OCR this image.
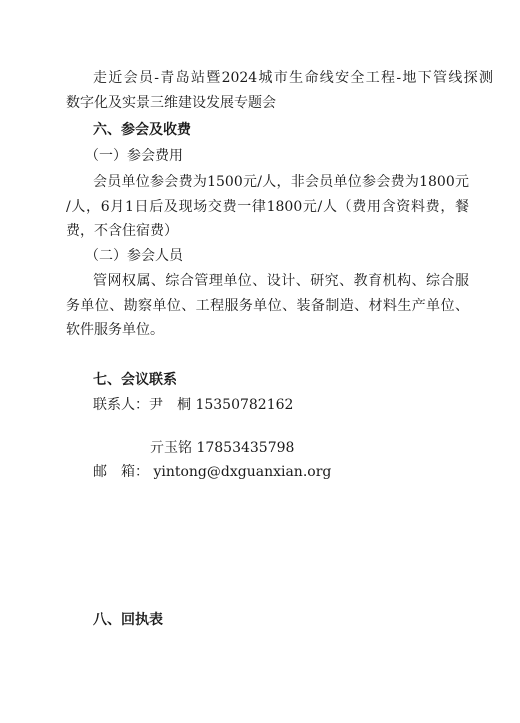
走近会员-青岛站暨2024城市生命线安全工程-地下管线探测
数字化及实景三维建设发展专题会
六、参会及收费
（一）参会费用
会员单位参会费为1500元/人，非会员单位参会费为1800元
/人，6月1日后及现场交费一律1800元/人（费用含资料费，餐
费，不含住宿费）
（二）参会人员
管网权属、综合管理单位、设计、研究、教育机构、综合服
务单位、勘察单位、工程服务单位、装备制造、材料生产单位、
软件服务单位。
七、会议联系
联系人：尹　桐 15350782162
亓玉铭 17853435798
邮　箱： yintong@dxguanxian.org
八、回执表
